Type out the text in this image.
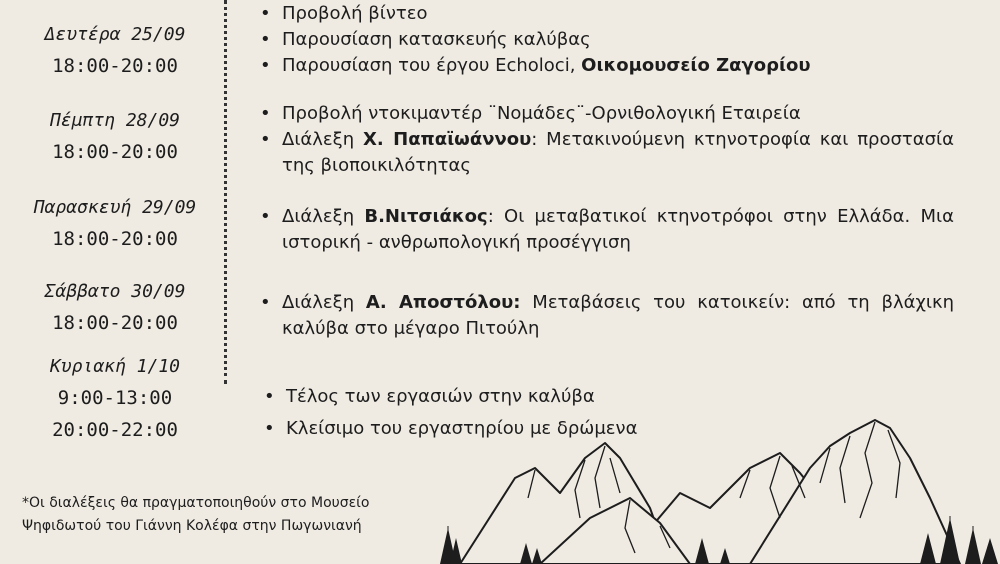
Δευτέρα 25/09
18:00-20:00
Πέμπτη 28/09
18:00-20:00
Παρασκευή 29/09
18:00-20:00
Σάββατο 30/09
18:00-20:00
Κυριακή 1/10
9:00-13:00
20:00-22:00
• Προβολή βίντεο
• Παρουσίαση κατασκευής καλύβας
• Παρουσίαση του έργου Echoloci, Οικομουσείο Ζαγορίου
• Προβολή ντοκιμαντέρ ¨Νομάδες¨-Ορνιθολογική Εταιρεία
• Διάλεξη Χ. Παπαϊωάννου: Μετακινούμενη κτηνοτροφία και προστασία της βιοποικιλότητας
• Διάλεξη Β.Νιτσιάκος: Οι μεταβατικοί κτηνοτρόφοι στην Ελλάδα. Μια ιστορική - ανθρωπολογική προσέγγιση
• Διάλεξη Α. Αποστόλου: Μεταβάσεις του κατοικείν: από τη βλάχικη καλύβα στο μέγαρο Πιτούλη
• Τέλος των εργασιών στην καλύβα
• Κλείσιμο του εργαστηρίου με δρώμενα
*Οι διαλέξεις θα πραγματοποιηθούν στο Μουσείο Ψηφιδωτού του Γιάννη Κολέφα στην Πωγωνιανή
